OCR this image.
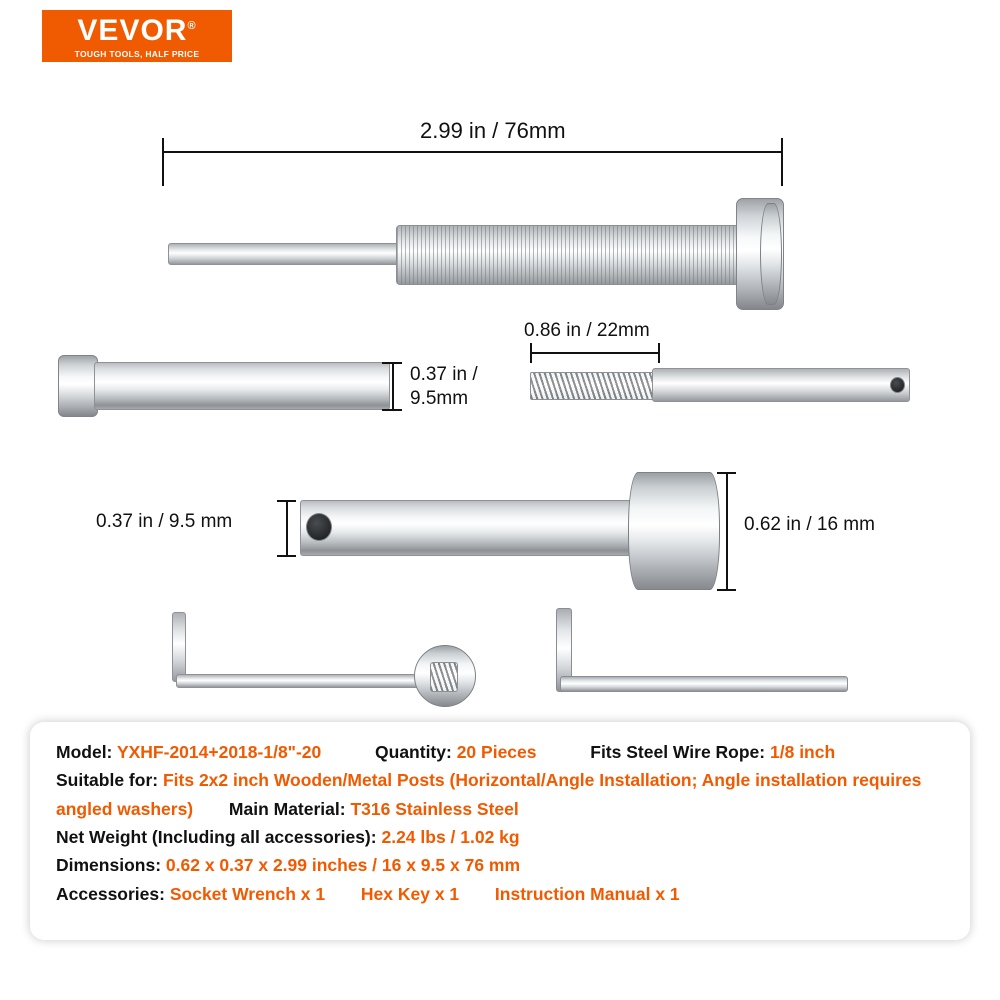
VEVOR®
TOUGH TOOLS, HALF PRICE
2.99 in / 76mm
0.37 in /
9.5mm
0.86 in / 22mm
0.37 in / 9.5 mm	0.62 in / 16 mm
Model: YXHF-2014+2018-1/8"-20	Quantity: 20 Pieces	Fits Steel Wire Rope: 1/8 inch
Suitable for: Fits 2x2 inch Wooden/Metal Posts (Horizontal/Angle Installation; Angle installation requires angled washers) Main Material: T316 Stainless Steel
Net Weight (Including all accessories): 2.24 lbs / 1.02 kg
Dimensions: 0.62 x 0.37 x 2.99 inches / 16 x 9.5 x 76 mm
Accessories: Socket Wrench x 1 Hex Key x 1 Instruction Manual x 1
